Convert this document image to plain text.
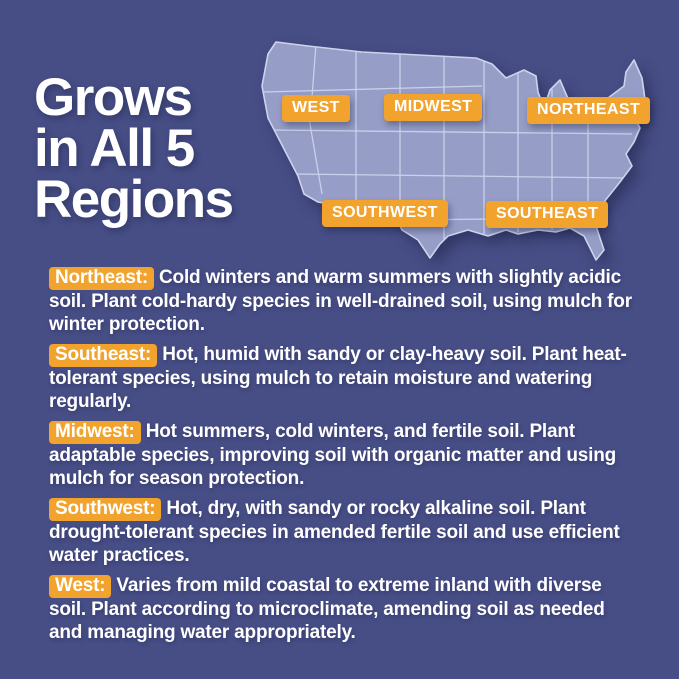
Grows
in All 5
Regions
WEST	MIDWEST	NORTHEAST
SOUTHWEST	SOUTHEAST

Northeast: Cold winters and warm summers with slightly acidic soil. Plant cold-hardy species in well-drained soil, using mulch for winter protection.

Southeast: Hot, humid with sandy or clay-heavy soil. Plant heat-tolerant species, using mulch to retain moisture and watering regularly.

Midwest: Hot summers, cold winters, and fertile soil. Plant adaptable species, improving soil with organic matter and using mulch for season protection.

Southwest: Hot, dry, with sandy or rocky alkaline soil. Plant drought-tolerant species in amended fertile soil and use efficient water practices.

West: Varies from mild coastal to extreme inland with diverse soil. Plant according to microclimate, amending soil as needed and managing water appropriately.
